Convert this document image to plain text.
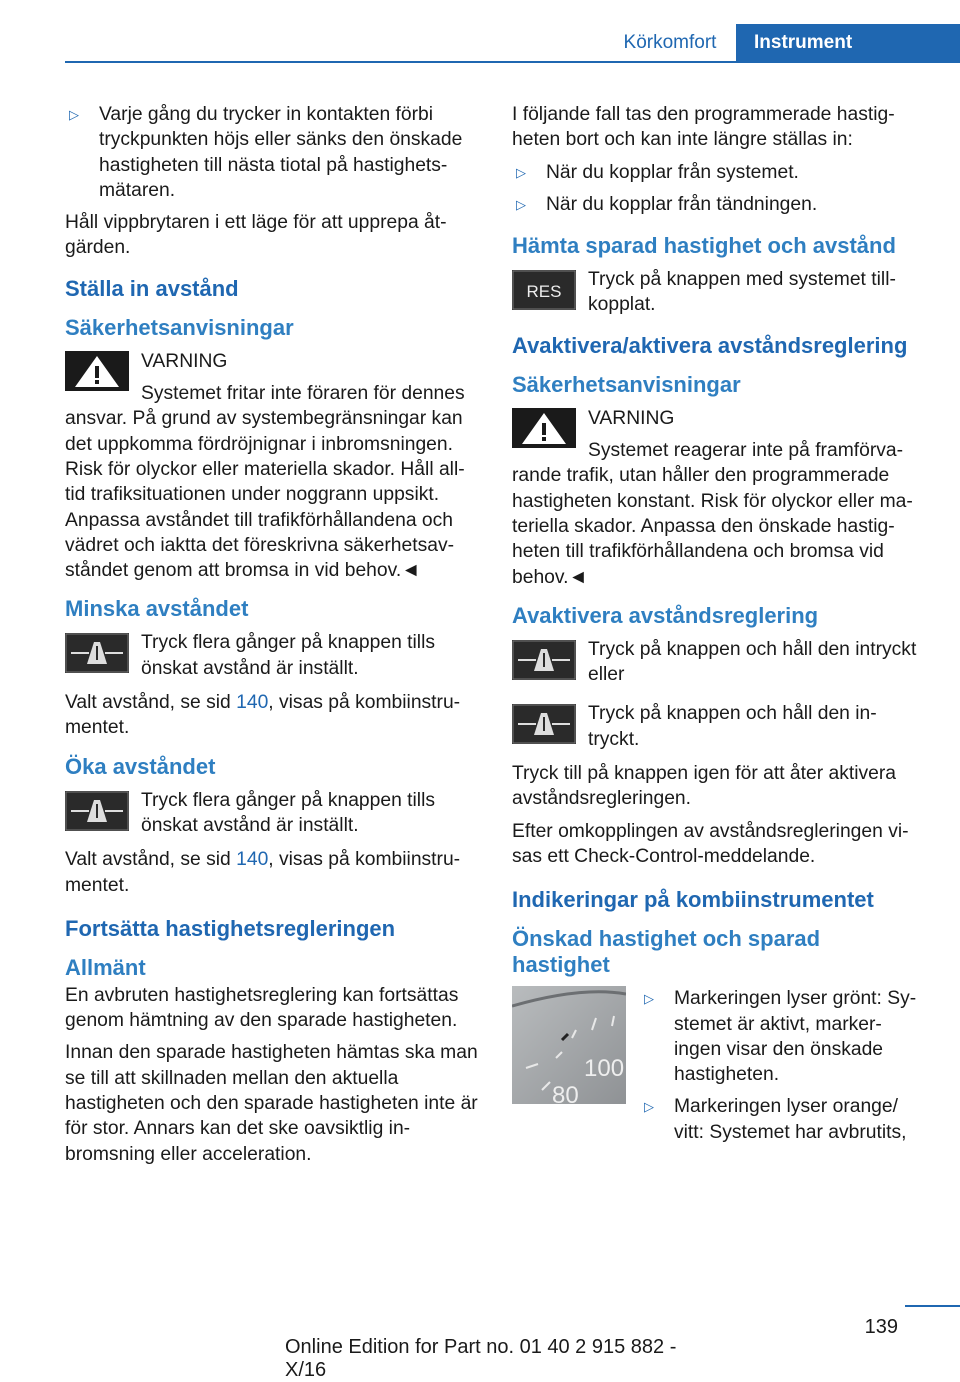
Körkomfort	Instrument
▷ Varje gång du trycker in kontakten förbi tryckpunkten höjs eller sänks den önskade hastigheten till nästa tiotal på hastighets-mätaren.

Håll vippbrytaren i ett läge för att upprepa åt-gärden.

Ställa in avstånd
Säkerhetsanvisningar
VARNING

Systemet fritar inte föraren för dennes ansvar. På grund av systembegränsningar kan det uppkomma fördröjnignar i inbromsningen. Risk för olyckor eller materiella skador. Håll all-tid trafiksituationen under noggrann uppsikt. Anpassa avståndet till trafikförhållandena och vädret och iaktta det föreskrivna säkerhetsav-ståndet genom att bromsa in vid behov.◄

Minska avståndet
Tryck flera gånger på knappen tills önskat avstånd är inställt.

Valt avstånd, se sid 140, visas på kombiinstru-mentet.

Öka avståndet
Tryck flera gånger på knappen tills önskat avstånd är inställt.

Valt avstånd, se sid 140, visas på kombiinstru-mentet.

Fortsätta hastighetsregleringen
Allmänt

En avbruten hastighetsreglering kan fortsättas genom hämtning av den sparade hastigheten.

Innan den sparade hastigheten hämtas ska man se till att skillnaden mellan den aktuella hastigheten och den sparade hastigheten inte är för stor. Annars kan det ske oavsiktlig in-bromsning eller acceleration.

I följande fall tas den programmerade hastig-heten bort och kan inte längre ställas in:

▷ När du kopplar från systemet.
▷ När du kopplar från tändningen.
Hämta sparad hastighet och avstånd
RES
Tryck på knappen med systemet till-kopplat.
Avaktivera/aktivera avståndsreglering
Säkerhetsanvisningar
VARNING

Systemet reagerar inte på framförva-rande trafik, utan håller den programmerade hastigheten konstant. Risk för olyckor eller ma-teriella skador. Anpassa den önskade hastig-heten till trafikförhållandena och bromsa vid behov.◄

Avaktivera avståndsreglering
Tryck på knappen och håll den intryckt eller
Tryck på knappen och håll den in-tryckt.

Tryck till på knappen igen för att åter aktivera avståndsregleringen.

Efter omkopplingen av avståndsregleringen vi-sas ett Check-Control-meddelande.

Indikeringar på kombiinstrumentet
Önskad hastighet och sparad hastighet
100
80
▷ Markeringen lyser grönt: Sy-stemet är aktivt, marker-ingen visar den önskade hastigheten.
▷ Markeringen lyser orange/ vitt: Systemet har avbrutits,
139
Online Edition for Part no. 01 40 2 915 882 - X/16
